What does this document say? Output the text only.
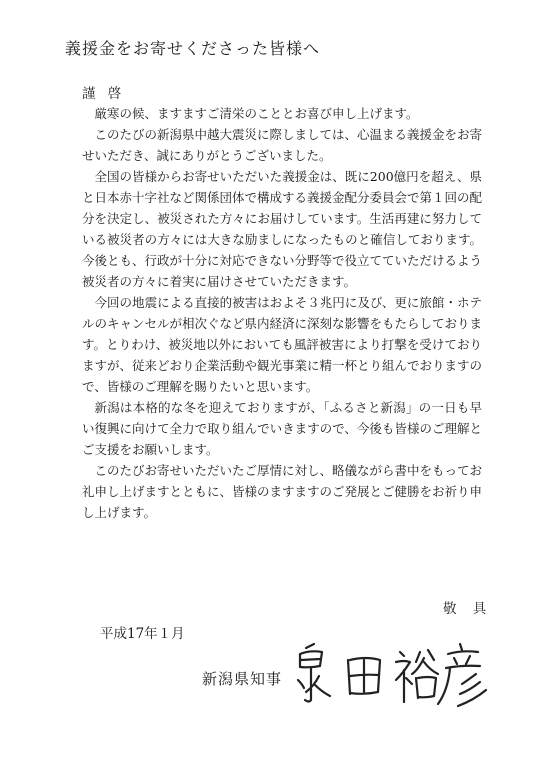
義援金をお寄せくださった皆様へ
謹 啓

厳寒の候、ますますご清栄のこととお喜び申し上げます。

このたびの新潟県中越大震災に際しましては、心温まる義援金をお寄せいただき、誠にありがとうございました。

全国の皆様からお寄せいただいた義援金は、既に200億円を超え、県と日本赤十字社など関係団体で構成する義援金配分委員会で第１回の配分を決定し、被災された方々にお届けしています。生活再建に努力している被災者の方々には大きな励ましになったものと確信しております。今後とも、行政が十分に対応できない分野等で役立てていただけるよう被災者の方々に着実に届けさせていただきます。

今回の地震による直接的被害はおよそ３兆円に及び、更に旅館・ホテルのキャンセルが相次ぐなど県内経済に深刻な影響をもたらしております。とりわけ、被災地以外においても風評被害により打撃を受けておりますが、従来どおり企業活動や観光事業に精一杯とり組んでおりますので、皆様のご理解を賜りたいと思います。

新潟は本格的な冬を迎えておりますが、「ふるさと新潟」の一日も早い復興に向けて全力で取り組んでいきますので、今後も皆様のご理解とご支援をお願いします。

このたびお寄せいただいたご厚情に対し、略儀ながら書中をもってお礼申し上げますとともに、皆様のますますのご発展とご健勝をお祈り申し上げます。

敬 具
平成17年１月
新潟県知事
